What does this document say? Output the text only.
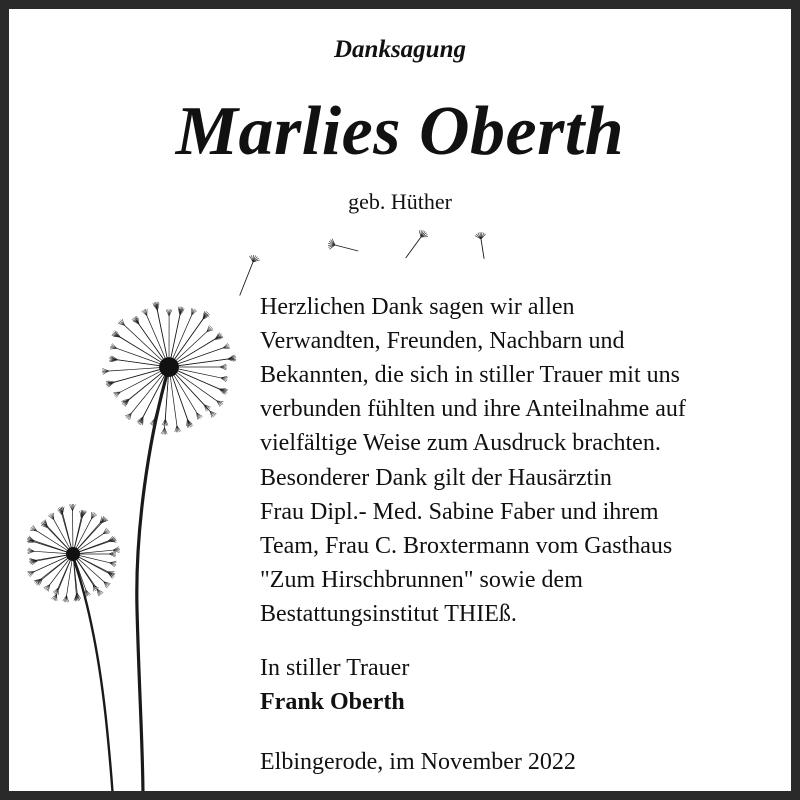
Danksagung
Marlies Oberth
geb. Hüther
Herzlichen Dank sagen wir allen
Verwandten, Freunden, Nachbarn und
Bekannten, die sich in stiller Trauer mit uns
verbunden fühlten und ihre Anteilnahme auf
vielfältige Weise zum Ausdruck brachten.
Besonderer Dank gilt der Hausärztin
Frau Dipl.- Med. Sabine Faber und ihrem
Team, Frau C. Broxtermann vom Gasthaus
"Zum Hirschbrunnen" sowie dem
Bestattungsinstitut THIEß.
In stiller Trauer
Frank Oberth
Elbingerode, im November 2022
